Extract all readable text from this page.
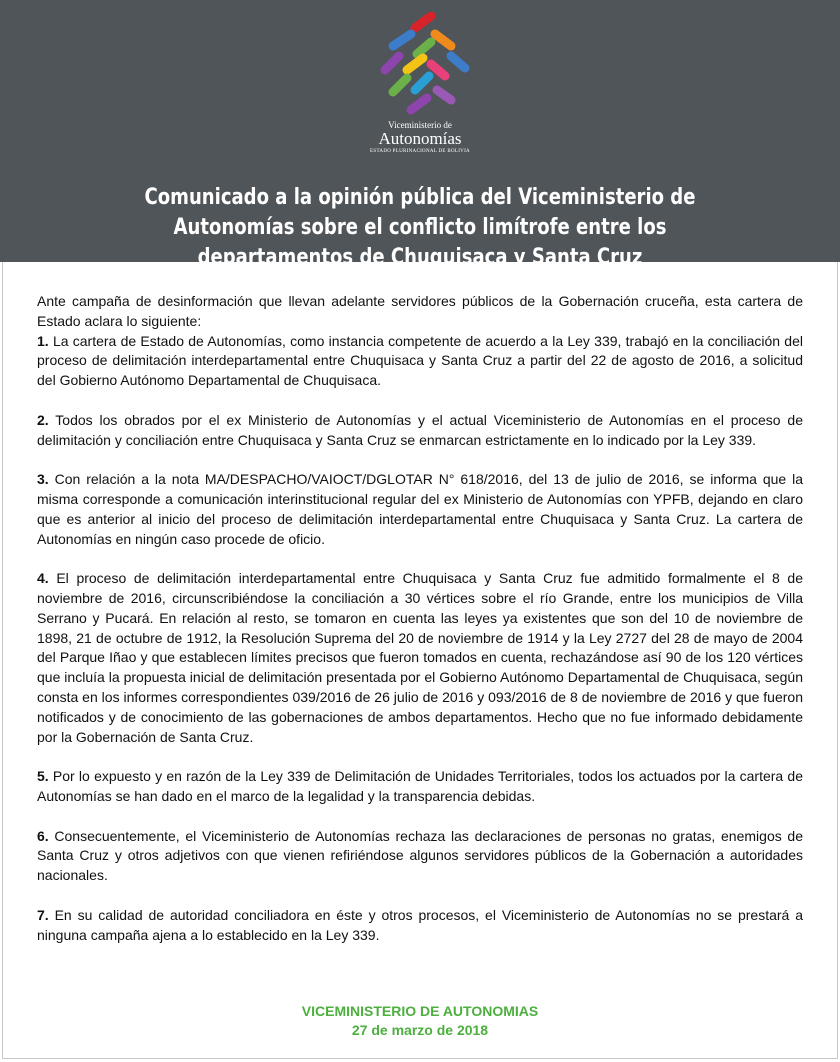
Viceministerio de
Autonomías
ESTADO PLURINACIONAL DE BOLIVIA
Comunicado a la opinión pública del Viceministerio de Autonomías sobre el conflicto limítrofe entre los departamentos de Chuquisaca y Santa Cruz

Ante campaña de desinformación que llevan adelante servidores públicos de la Gobernación cruceña, esta cartera de Estado aclara lo siguiente:

1. La cartera de Estado de Autonomías, como instancia competente de acuerdo a la Ley 339, trabajó en la conciliación del proceso de delimitación interdepartamental entre Chuquisaca y Santa Cruz a partir del 22 de agosto de 2016, a solicitud del Gobierno Autónomo Departamental de Chuquisaca.

2. Todos los obrados por el ex Ministerio de Autonomías y el actual Viceministerio de Autonomías en el proceso de delimitación y conciliación entre Chuquisaca y Santa Cruz se enmarcan estrictamente en lo indicado por la Ley 339.

3. Con relación a la nota MA/DESPACHO/VAIOCT/DGLOTAR N° 618/2016, del 13 de julio de 2016, se informa que la misma corresponde a comunicación interinstitucional regular del ex Ministerio de Autonomías con YPFB, dejando en claro que es anterior al inicio del proceso de delimitación interdepartamental entre Chuquisaca y Santa Cruz. La cartera de Autonomías en ningún caso procede de oficio.

4. El proceso de delimitación interdepartamental entre Chuquisaca y Santa Cruz fue admitido formalmente el 8 de noviembre de 2016, circunscribiéndose la conciliación a 30 vértices sobre el río Grande, entre los municipios de Villa Serrano y Pucará. En relación al resto, se tomaron en cuenta las leyes ya existentes que son del 10 de noviembre de 1898, 21 de octubre de 1912, la Resolución Suprema del 20 de noviembre de 1914 y la Ley 2727 del 28 de mayo de 2004 del Parque Iñao y que establecen límites precisos que fueron tomados en cuenta, rechazándose así 90 de los 120 vértices que incluía la propuesta inicial de delimitación presentada por el Gobierno Autónomo Departamental de Chuquisaca, según consta en los informes correspondientes 039/2016 de 26 julio de 2016 y 093/2016 de 8 de noviembre de 2016 y que fueron notificados y de conocimiento de las gobernaciones de ambos departamentos. Hecho que no fue informado debidamente por la Gobernación de Santa Cruz.

5. Por lo expuesto y en razón de la Ley 339 de Delimitación de Unidades Territoriales, todos los actuados por la cartera de Autonomías se han dado en el marco de la legalidad y la transparencia debidas.

6. Consecuentemente, el Viceministerio de Autonomías rechaza las declaraciones de personas no gratas, enemigos de Santa Cruz y otros adjetivos con que vienen refiriéndose algunos servidores públicos de la Gobernación a autoridades nacionales.

7. En su calidad de autoridad conciliadora en éste y otros procesos, el Viceministerio de Autonomías no se prestará a ninguna campaña ajena a lo establecido en la Ley 339.

VICEMINISTERIO DE AUTONOMIAS
27 de marzo de 2018
